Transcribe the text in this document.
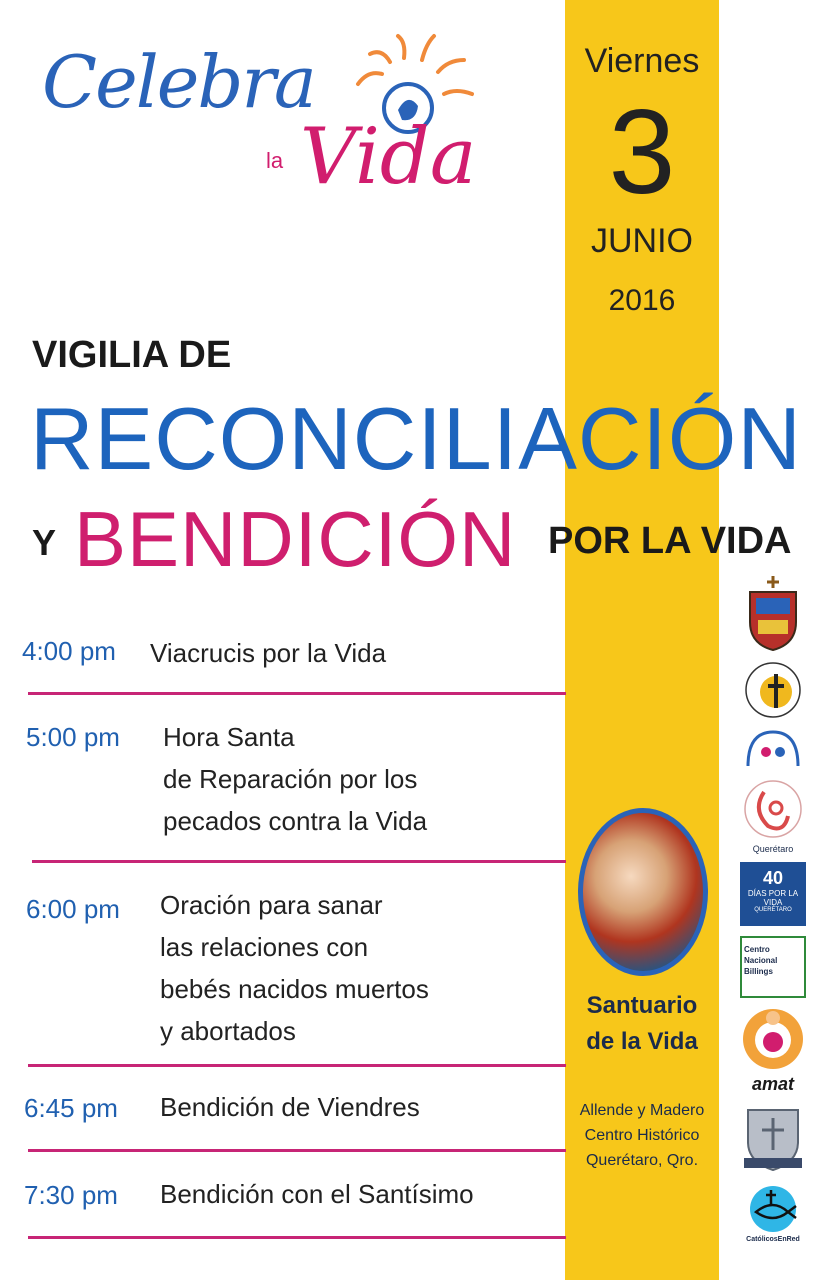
Celebra
la Vida
Viernes
3
JUNIO
2016
VIGILIA DE
RECONCILIACIÓN
Y BENDICIÓN POR LA VIDA
4:00 pm Viacrucis por la Vida
5:00 pm Hora Santa
de Reparación por los
pecados contra la Vida
6:00 pm Oración para sanar
las relaciones con
bebés nacidos muertos
y abortados
6:45 pm Bendición de Viendres
7:30 pm Bendición con el Santísimo
Santuario
de la Vida
Allende y Madero
Centro Histórico
Querétaro, Qro.
Querétaro
40
DÍAS POR LA VIDA
QUERÉTARO
Centro Nacional Billings
amat
CatólicosEnRed
